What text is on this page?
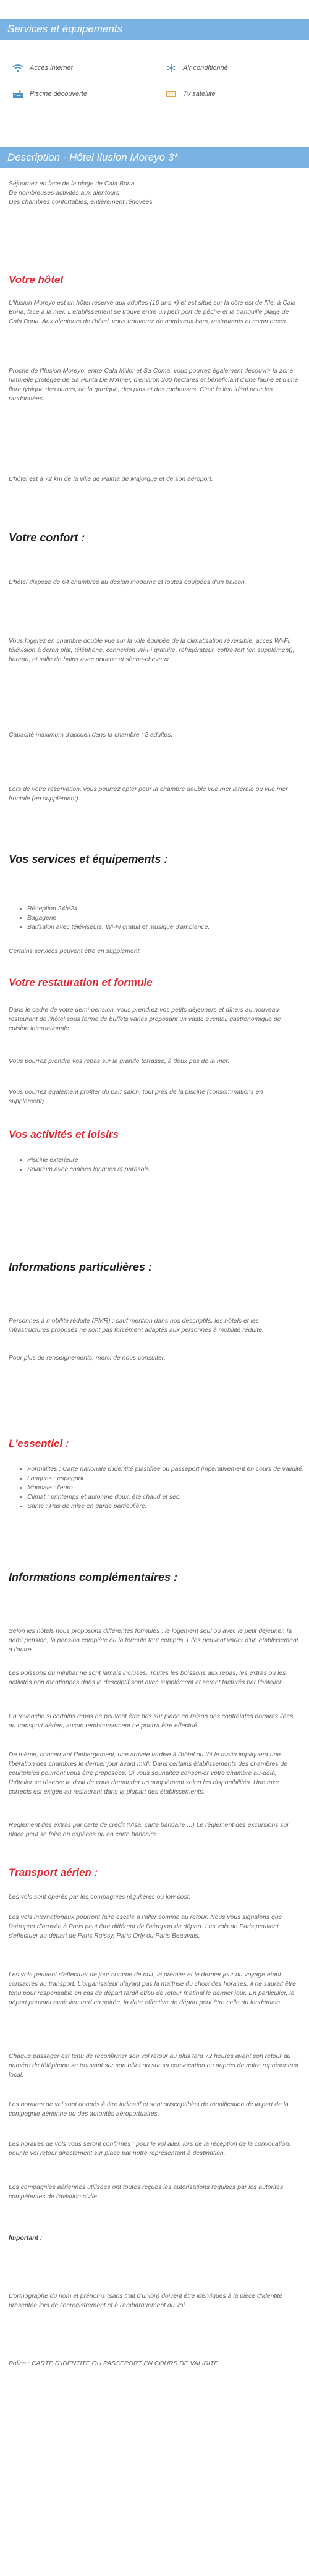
Services et équipements
Accès internet	Air conditionné
Piscine découverte	Tv satellite
Description - Hôtel Ilusion Moreyo 3*

Séjournez en face de la plage de Cala Bona

De nombreuses activités aux alentours

Des chambres confortables, entièrement rénovées

Votre hôtel

L'Ilusion Moreyo est un hôtel réservé aux adultes (16 ans +) et est situé sur la côte est de l'île, à Cala Bona, face à la mer. L'établissement se trouve entre un petit port de pêche et la tranquille plage de Cala Bona. Aux alentours de l'hôtel, vous trouverez de nombreux bars, restaurants et commerces.

Proche de l'Ilusion Moreyo, entre Cala Millor et Sa Coma, vous pourrez également découvrir la zone naturelle protégée de Sa Punta De N'Amer, d'environ 200 hectares et bénéficiant d'une faune et d'une flore typique des dunes, de la garrigue, des pins et des rocheuses. C'est le lieu idéal pour les randonnées.

L'hôtel est à 72 km de la ville de Palma de Majorque et de son aéroport.

Votre confort :

L'hôtel dispose de 64 chambres au design moderne et toutes équipées d'un balcon.

Vous logerez en chambre double vue sur la ville équipée de la climatisation réversible, accès Wi-Fi, télévision à écran plat, téléphone, connexion Wi-Fi gratuite, réfrigérateur, coffre-fort (en supplément), bureau, et salle de bains avec douche et sèche-cheveux.

Capacité maximum d'accueil dans la chambre : 2 adultes.

Lors de votre réservation, vous pourrez opter pour la chambre double vue mer latérale ou vue mer frontale (en supplément).

Vos services et équipements :
• Réception 24h/24
• Bagagerie
• Bar/salon avec téléviseurs, Wi-Fi gratuit et musique d'ambiance.

Certains services peuvent être en supplément.

Votre restauration et formule

Dans le cadre de votre demi-pension, vous prendrez vos petits déjeuners et dîners au nouveau restaurant de l'hôtel sous forme de buffets variés proposant un vaste éventail gastronomique de cuisine internationale.

Vous pourrez prendre vos repas sur la grande terrasse, à deux pas de la mer.

Vous pourrez également profiter du bar/ salon, tout près de la piscine (consommations en supplément).

Vos activités et loisirs
• Piscine extérieure
• Solarium avec chaises longues et parasols
Informations particulières :

Personnes à mobilité réduite (PMR) : sauf mention dans nos descriptifs, les hôtels et les infrastructures proposés ne sont pas forcément adaptés aux personnes à mobilité réduite.

Pour plus de renseignements, merci de nous consulter.

L'essentiel :
• Formalités : Carte nationale d'identité plastifiée ou passeport impérativement en cours de validité.
• Langues : espagnol.
• Monnaie : l'euro.
• Climat : printemps et automne doux, été chaud et sec.
• Santé : Pas de mise en garde particulière.
Informations complémentaires :

Selon les hôtels nous proposons différentes formules : le logement seul ou avec le petit déjeuner, la demi pension, la pension complète ou la formule tout compris. Elles peuvent varier d'un établissement à l'autre.

Les boissons du minibar ne sont jamais incluses. Toutes les boissons aux repas, les extras ou les activités non mentionnés dans le descriptif sont avec supplément et seront facturés par l'hôtelier.

En revanche si certains repas ne peuvent être pris sur place en raison des contraintes horaires liées au transport aérien, aucun remboursement ne pourra être effectué.

De même, concernant l'hébergement, une arrivée tardive à l'hôtel ou tôt le matin impliquera une libération des chambres le dernier jour avant midi. Dans certains établissements des chambres de courtoisies pourront vous être proposées. Si vous souhaitez conserver votre chambre au-delà, l'hôtelier se réserve le droit de vous demander un supplément selon les disponibilités. Une taxe corrects est exigée au restaurant dans la plupart des établissements.

Règlement des extras par carte de crédit (Visa, carte bancaire ...) Le règlement des excursions sur place peut se faire en espèces ou en carte bancaire

Transport aérien :

Les vols sont opérés par les compagnies régulières ou low cost.

Les vols internationaux pourront faire escale à l'aller comme au retour. Nous vous signalons que l'aéroport d'arrivée à Paris peut être différent de l'aéroport de départ. Les vols de Paris peuvent s'effectuer au départ de Paris Roissy, Paris Orly ou Paris Beauvais.

Les vols peuvent s'effectuer de jour comme de nuit, le premier et le dernier jour du voyage étant consacrés au transport. L'organisateur n'ayant pas la maîtrise du choix des horaires, il ne saurait être tenu pour responsable en cas de départ tardif et/ou de retour matinal le dernier jour. En particulier, le départ pouvant avoir lieu tard en soirée, la date effective de départ peut être celle du lendemain.

Chaque passager est tenu de reconfirmer son vol retour au plus tard 72 heures avant son retour au numéro de téléphone se trouvant sur son billet ou sur sa convocation ou auprès de notre représentant local.

Les horaires de vol sont donnés à titre indicatif et sont susceptibles de modification de la part de la compagnie aérienne ou des autorités aéroportuaires.

Les horaires de vols vous seront confirmés : pour le vol aller, lors de la réception de la convocation, pour le vol retour directement sur place par notre représentant à destination.

Les compagnies aériennes utilisées ont toutes reçues les autorisations requises par les autorités compétentes de l'aviation civile.

Important :

L'orthographe du nom et prénoms (sans trait d'union) doivent être identiques à la pièce d'identité présentée lors de l'enregistrement et à l'embarquement du vol.

Police : CARTE D'IDENTITE OU PASSEPORT EN COURS DE VALIDITE
